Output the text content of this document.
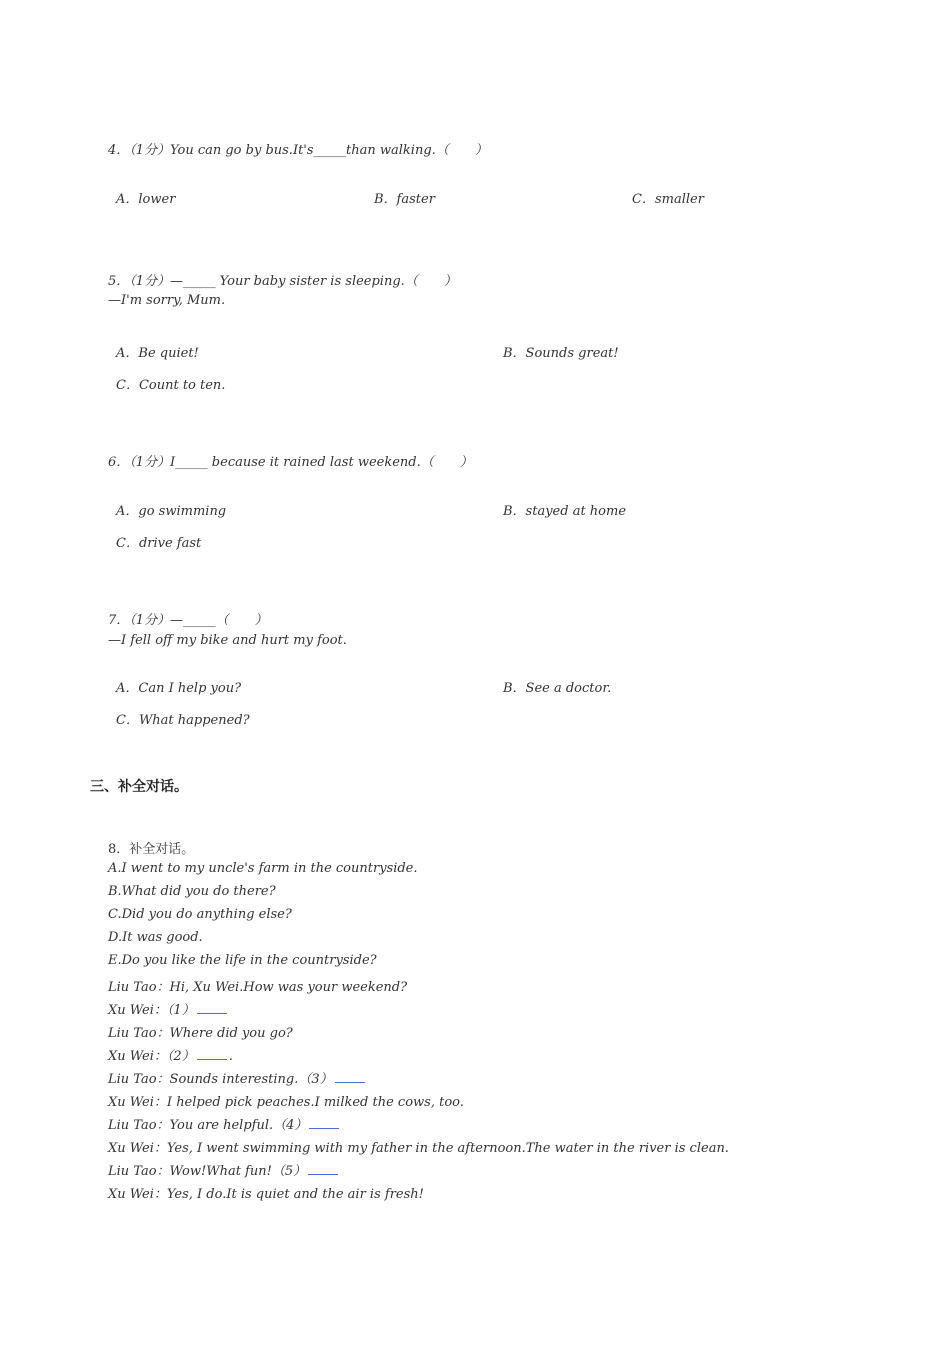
4．（1分）You can go by bus.It's_____than walking.（　　）
A．lower	B．faster	C．smaller
5．（1分）—_____ Your baby sister is sleeping.（　　）
—I'm sorry, Mum.
A．Be quiet!	B．Sounds great!
C．Count to ten.
6．（1分）I_____ because it rained last weekend.（　　）
A．go swimming	B．stayed at home
C．drive fast
7．（1分）—_____（　　）
—I fell off my bike and hurt my foot.
A．Can I help you?	B．See a doctor.
C．What happened?
三、补全对话。
8．补全对话。
A.I went to my uncle's farm in the countryside.
B.What did you do there?
C.Did you do anything else?
D.It was good.
E.Do you like the life in the countryside?
Liu Tao：Hi, Xu Wei.How was your weekend?
Xu Wei：（1）
Liu Tao：Where did you go?
Xu Wei：（2）	.
Liu Tao：Sounds interesting.（3）
Xu Wei：I helped pick peaches.I milked the cows, too.
Liu Tao：You are helpful.（4）
Xu Wei：Yes, I went swimming with my father in the afternoon.The water in the river is clean.
Liu Tao：Wow!What fun!（5）
Xu Wei：Yes, I do.It is quiet and the air is fresh!
